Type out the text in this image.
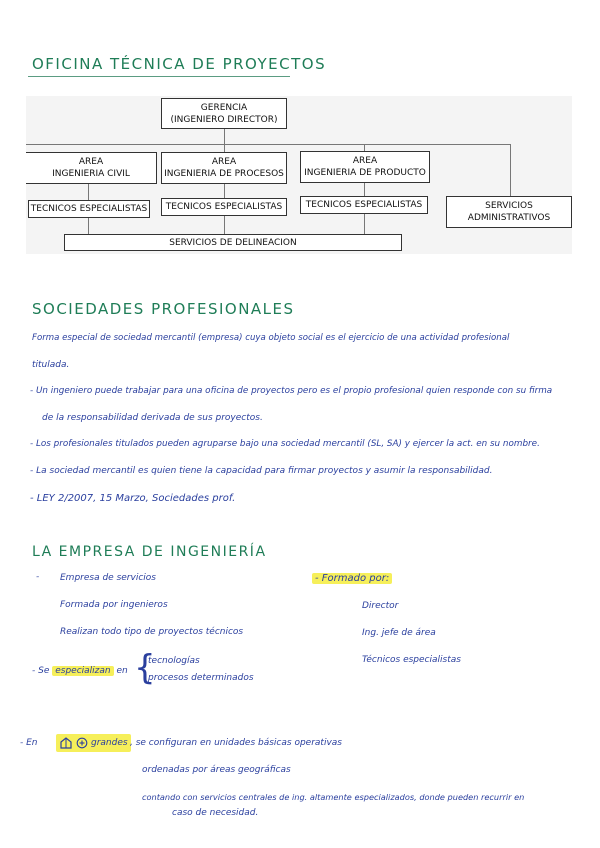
OFICINA TÉCNICA DE PROYECTOS
GERENCIA
(INGENIERO DIRECTOR)
AREA
INGENIERIA CIVIL
AREA
INGENIERIA DE PROCESOS
AREA
INGENIERIA DE PRODUCTO
TECNICOS ESPECIALISTAS TECNICOS ESPECIALISTAS	TECNICOS ESPECIALISTAS	SERVICIOS
ADMINISTRATIVOS
SERVICIOS DE DELINEACION
SOCIEDADES PROFESIONALES
Forma especial de sociedad mercantil (empresa) cuya objeto social es el ejercicio de una actividad profesional
titulada.
- Un ingeniero puede trabajar para una oficina de proyectos pero es el propio profesional quien responde con su firma
de la responsabilidad derivada de sus proyectos.
- Los profesionales titulados pueden agruparse bajo una sociedad mercantil (SL, SA) y ejercer la act. en su nombre.
- La sociedad mercantil es quien tiene la capacidad para firmar proyectos y asumir la responsabilidad.
- LEY 2/2007, 15 Marzo, Sociedades prof.
LA EMPRESA DE INGENIERÍA
- Empresa de servicios
Formada por ingenieros
Realizan todo tipo de proyectos técnicos
- Formado por:
Director
Ing. jefe de área
Técnicos especialistas
- Se especializan en {
tecnologías
procesos determinados
- En	grandes , se configuran en unidades básicas operativas
ordenadas por áreas geográficas
contando con servicios centrales de ing. altamente especializados, donde pueden recurrir en
caso de necesidad.
